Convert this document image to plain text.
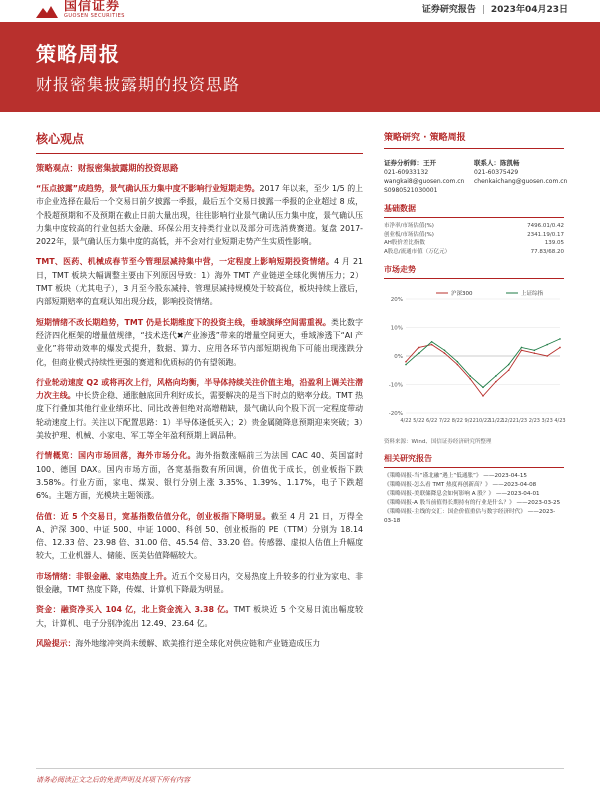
国信证券
GUOSEN SECURITIES
证券研究报告 | 2023年04月23日
策略周报
财报密集披露期的投资思路
核心观点
策略观点：财报密集披露期的投资思路
“压点披露”成趋势，景气确认压力集中度不影响行业短期走势。2017 年以来，至少 1/5 的上市企业选择在最后一个交易日前夕披露一季报，最后五个交易日披露一季报的企业超过 8 成，个股超预期和不及预期在截止日前大量出现，往往影响行业景气确认压力集中度，景气确认压力集中度较高的行业包括大金融、环保公用支持类行业以及部分可选消费赛道。复盘 2017-2022年，景气确认压力集中度的高低，并不会对行业短期走势产生实质性影响。
TMT、医药、机械成春节至今管理层减持集中营，一定程度上影响短期投资情绪。4 月 21 日，TMT 板块大幅调整主要由下列原因导致：1）海外 TMT 产业链逆全球化舆情压力；2）TMT 板块（尤其电子），3 月至今股东减持、管理层减持规模处于较高位，板块持续上涨后，内部短期赔率的直观认知出现分歧，影响投资情绪。
短期情绪不改长期趋势，TMT 仍是长期维度下的投资主线，垂域演绎空间需重视。类比数字经济四化框架的增量值规律，“技术迭代✖产业渗透”带来的增量空间更大，垂域渗透下“AI 产业化”将带动效率的爆发式提升，数据、算力、应用各环节内部短期视角下可能出现涨跌分化，但商业模式持续性更强的赛道和优质标的仍有望领跑。
行业轮动速度 Q2 或将再次上行，风格向均衡，半导体持续关注价值主地，沿盈利上调关注潜力次主线。中长贷企稳、通胀触底回升利好成长，需要解决的是当下时点的赔率分歧。TMT 热度下行叠加其他行业业绩环比、同比改善但绝对高增精缺，景气确认向个股下沉一定程度带动轮动速度上行。关注以下配置思路：1）半导体逢低买入；2）贵金属随降息预期迎来突破；3）美妆护理、机械、小家电、军工等全年盈利预期上调品种。
行情概览：国内市场回落，海外市场分化。海外指数涨幅前三为法国 CAC 40、英国富时 100、德国 DAX。国内市场方面，各宽基指数有所回调，价值优于成长，创业板指下跌 3.58%。行业方面，家电、煤炭、银行分别上涨 3.35%、1.39%、1.17%，电子下跌超 6%。主题方面，光模块主题领涨。
估值：近 5 个交易日，宽基指数估值分化，创业板指下降明显。截至 4 月 21 日，万得全 A、沪深 300、中证 500、中证 1000、科创 50、创业板指的 PE（TTM）分别为 18.14 倍、12.33 倍、23.98 倍、31.00 倍、45.54 倍、33.20 倍。传感器、虚拟人估值上升幅度较大，工业机器人、储能、医美估值降幅较大。
市场情绪：非银金融、家电热度上升。近五个交易日内，交易热度上升较多的行业为家电、非银金融，TMT 热度下降，传媒、计算机下降最为明显。
资金：融资净买入 104 亿，北上资金流入 3.38 亿。TMT 板块近 5 个交易日流出幅度较大，计算机、电子分别净流出 12.49、23.64 亿。
风险提示：海外地缘冲突尚未缓解、欧美推行逆全球化对供应链和产业链造成压力
策略研究 · 策略周报
证券分析师：王开
021-60933132
wangkai8@guosen.com.cn
S0980521030001
联系人：陈凯畅
021-60375429
chenkaichang@guosen.com.cn
基础数据
市净率/市场估值(%)	7496.01/0.42
创业板/市场估值(%)	2341.19/0.17
AH股价差比指数	139.05
A股总/流通市值（万亿元）	77.83/68.20
市场走势
20%
10%
0%
-10%
-20%
4/22 5/22 6/22 7/22 8/22 9/22 10/22
11/22
12/22 1/23 2/23 3/23 4/23
沪深300	上证综指
资料来源：Wind、国信证券经济研究所整理
相关研究报告
《策略周报-当“谨北融”遇上“低通胀”》 ——2023-04-15
《策略周报-怎么看 TMT 热度再创新高？》 ——2023-04-08
《策略周报-美联储降息会如何影响 A 股？》 ——2023-04-01
《策略周报-A 股当前值得长期持有的行业是什么？》 ——2023-03-25
《策略周报-主线的交汇：国企价值重估与数字经济时代》 ——2023-03-18
请务必阅读正文之后的免责声明及其项下所有内容
